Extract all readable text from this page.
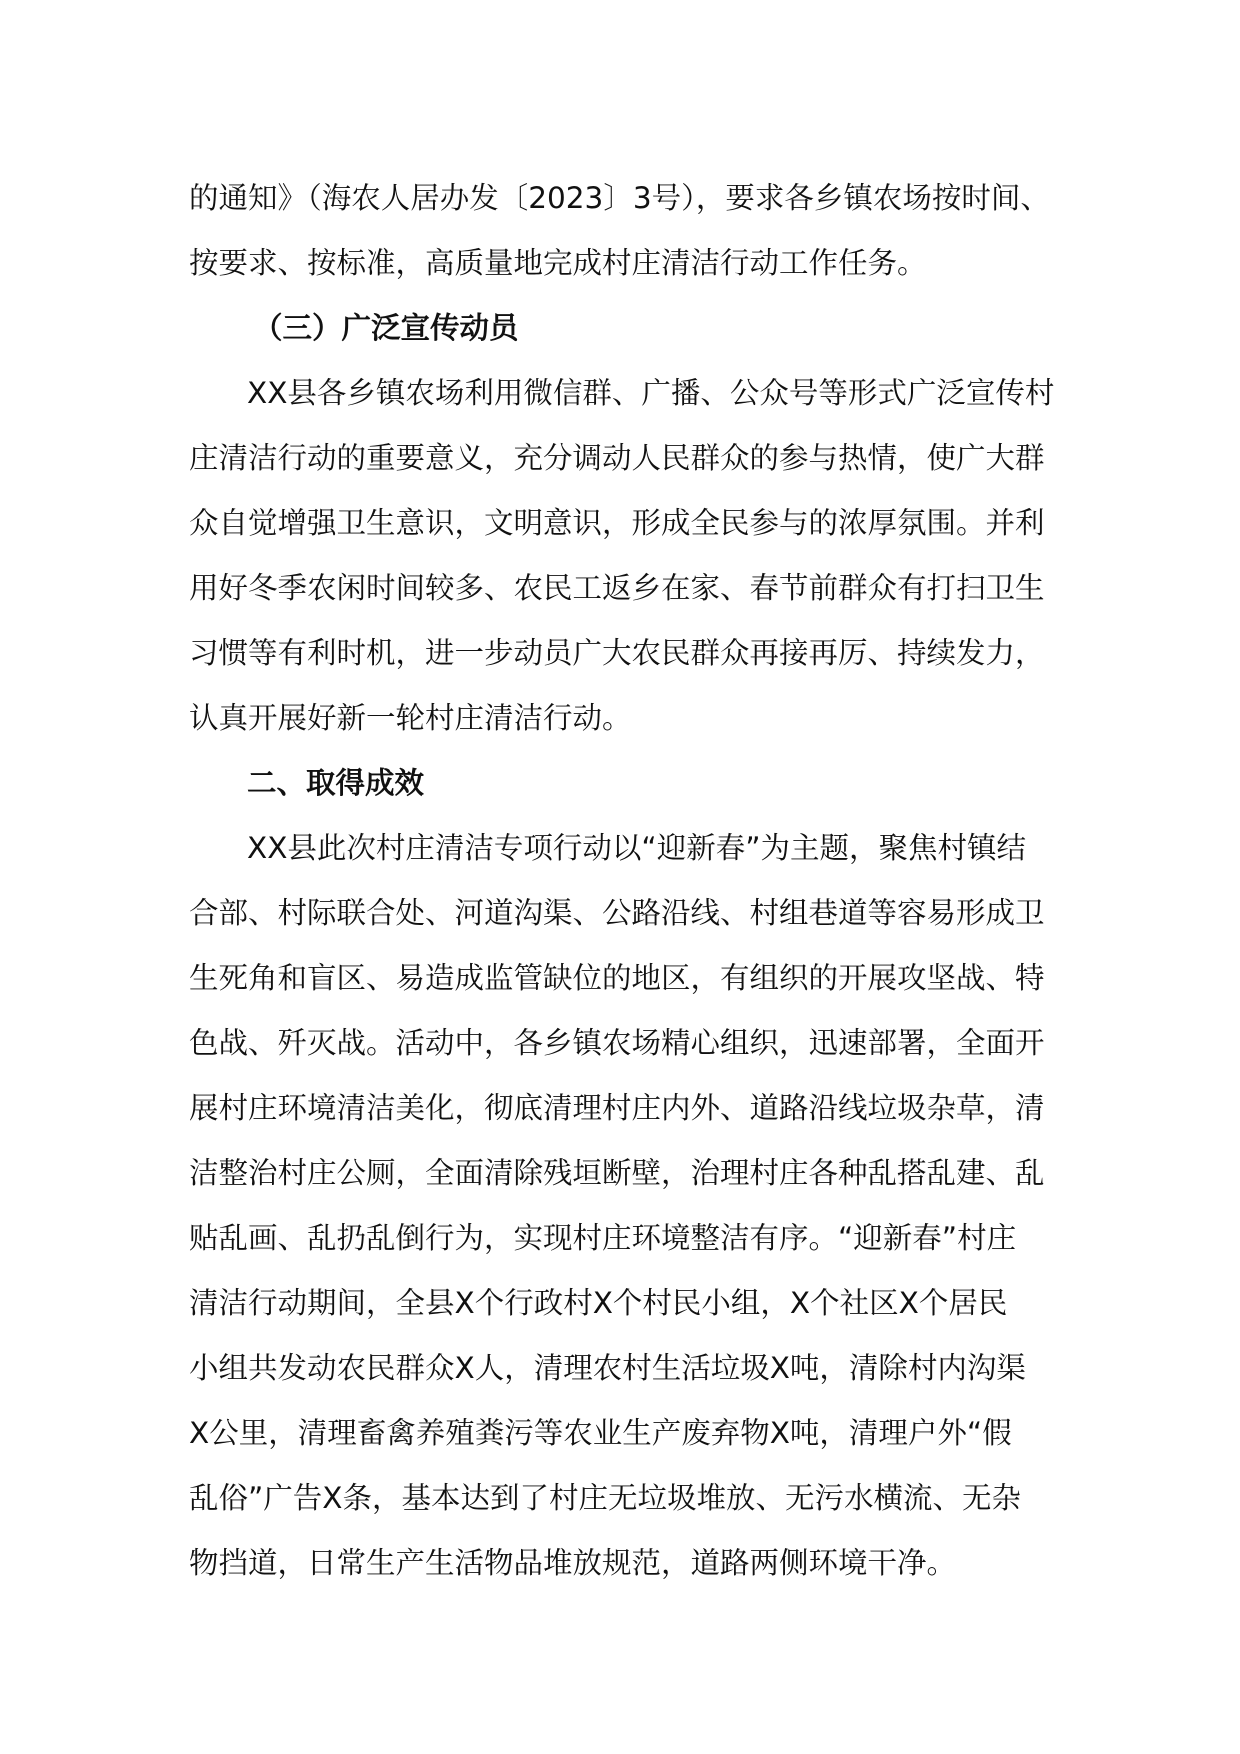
的通知》（海农人居办发〔2023〕3号），要求各乡镇农场按时间、
按要求、按标准，高质量地完成村庄清洁行动工作任务。
（三）广泛宣传动员
XX县各乡镇农场利用微信群、广播、公众号等形式广泛宣传村
庄清洁行动的重要意义，充分调动人民群众的参与热情，使广大群
众自觉增强卫生意识，文明意识，形成全民参与的浓厚氛围。并利
用好冬季农闲时间较多、农民工返乡在家、春节前群众有打扫卫生
习惯等有利时机，进一步动员广大农民群众再接再厉、持续发力，
认真开展好新一轮村庄清洁行动。
二、取得成效
XX县此次村庄清洁专项行动以“迎新春”为主题，聚焦村镇结
合部、村际联合处、河道沟渠、公路沿线、村组巷道等容易形成卫
生死角和盲区、易造成监管缺位的地区，有组织的开展攻坚战、特
色战、歼灭战。活动中，各乡镇农场精心组织，迅速部署，全面开
展村庄环境清洁美化，彻底清理村庄内外、道路沿线垃圾杂草，清
洁整治村庄公厕，全面清除残垣断壁，治理村庄各种乱搭乱建、乱
贴乱画、乱扔乱倒行为，实现村庄环境整洁有序。“迎新春”村庄
清洁行动期间，全县X个行政村X个村民小组，X个社区X个居民
小组共发动农民群众X人，清理农村生活垃圾X吨，清除村内沟渠
X公里，清理畜禽养殖粪污等农业生产废弃物X吨，清理户外“假
乱俗”广告X条，基本达到了村庄无垃圾堆放、无污水横流、无杂
物挡道，日常生产生活物品堆放规范，道路两侧环境干净。
